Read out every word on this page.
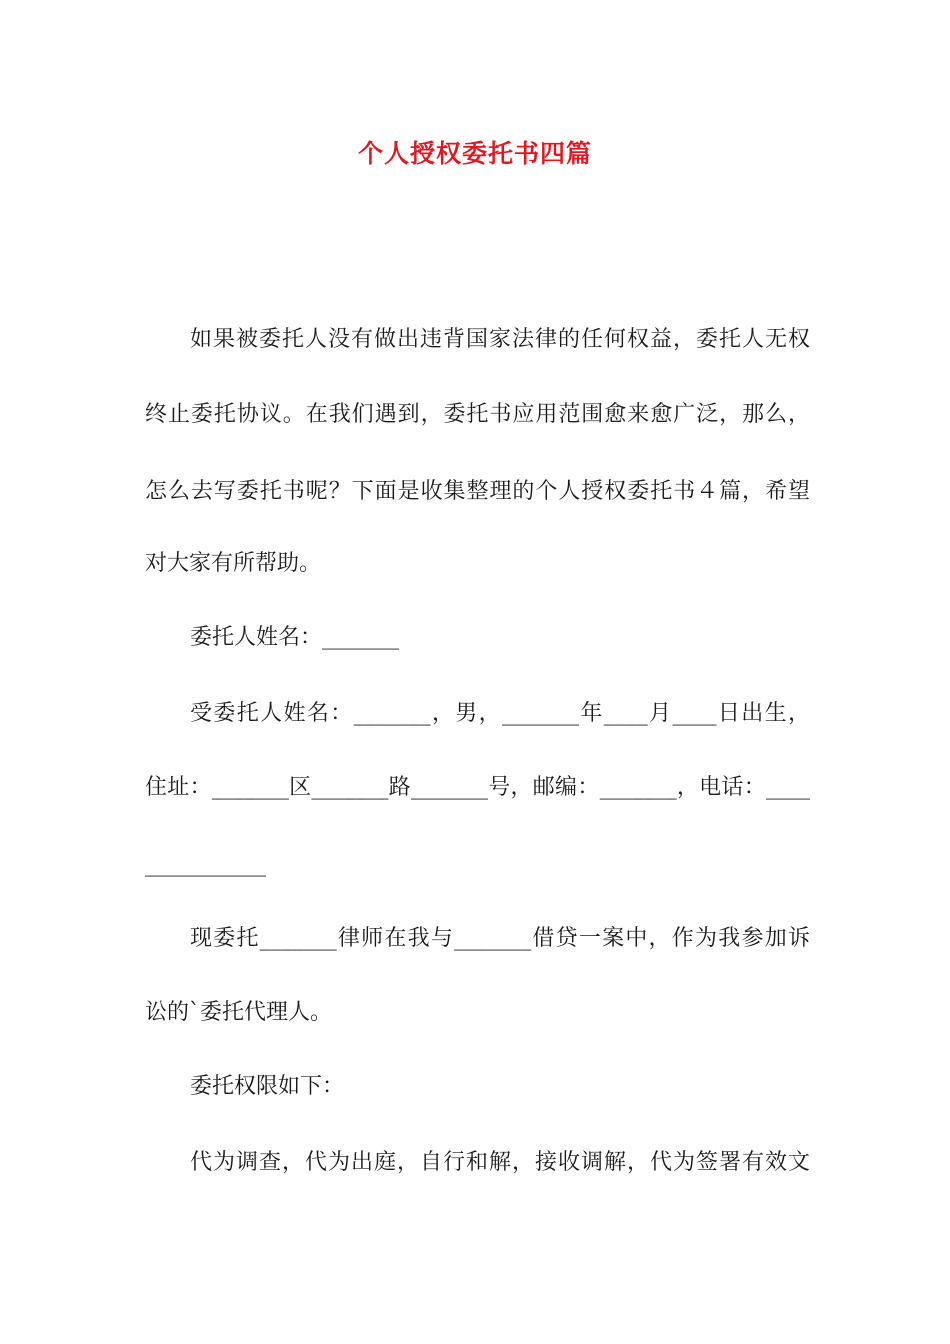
个人授权委托书四篇
如果被委托人没有做出违背国家法律的任何权益，委托人无权
终止委托协议。在我们遇到，委托书应用范围愈来愈广泛，那么，
怎么去写委托书呢？下面是收集整理的个人授权委托书４篇，希望
对大家有所帮助。
委托人姓名：_______
受委托人姓名：_______，男，_______年____月____日出生，
住址：_______区_______路_______号，邮编：_______，电话：____
___________
现委托_______律师在我与_______借贷一案中，作为我参加诉
讼的`委托代理人。
委托权限如下：
代为调查，代为出庭，自行和解，接收调解，代为签署有效文
